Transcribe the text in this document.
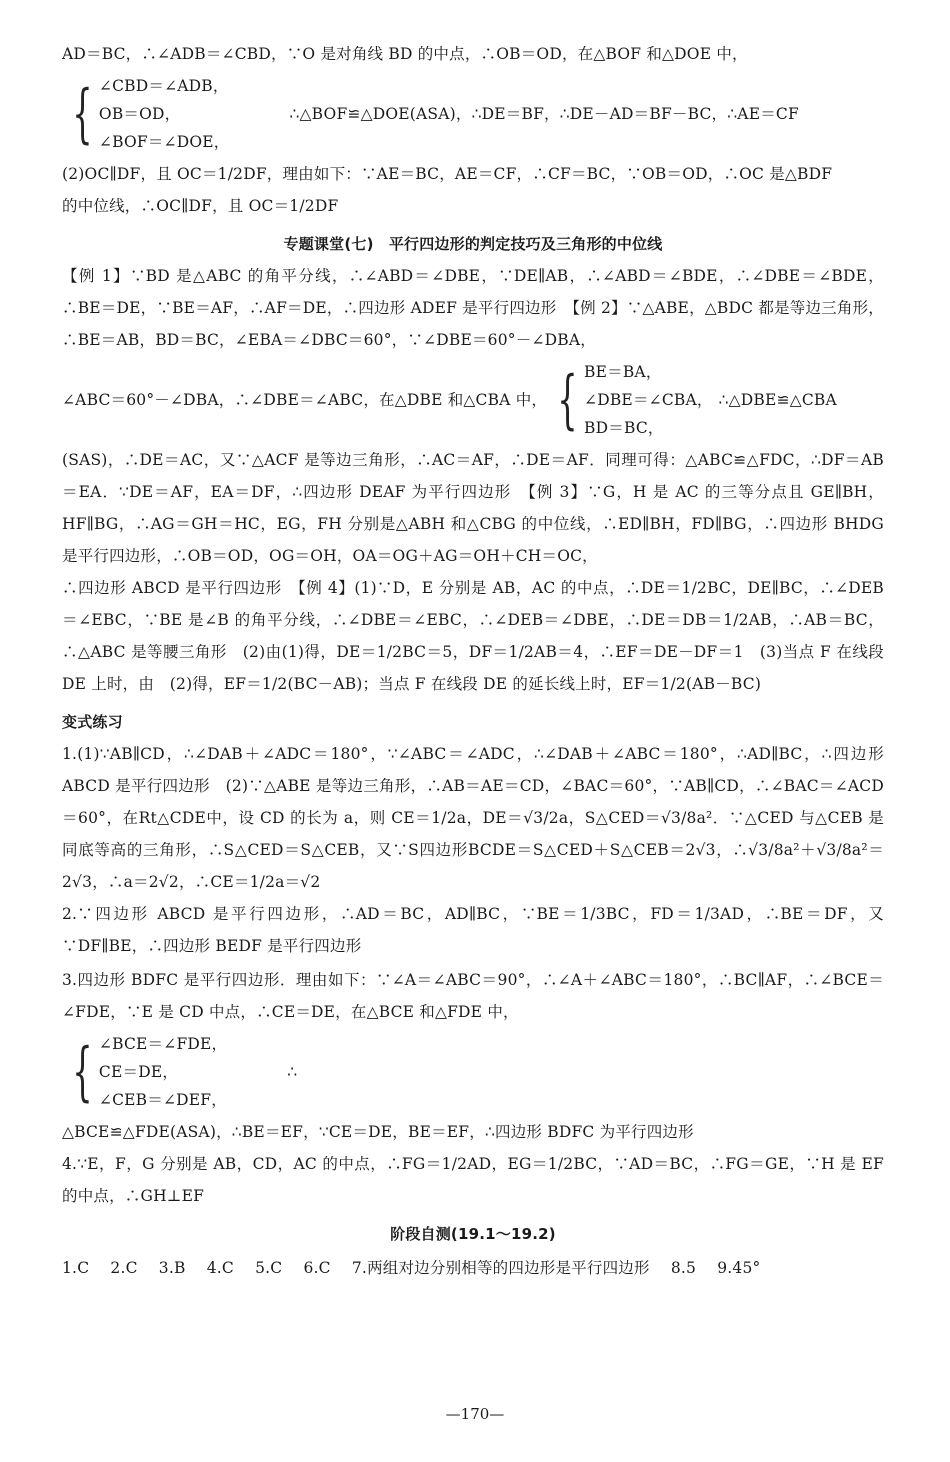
AD＝BC，∴∠ADB＝∠CBD，∵O 是对角线 BD 的中点，∴OB＝OD，在△BOF 和△DOE 中，

{ ∠CBD＝∠ADB，
OB＝OD，
∠BOF＝∠DOE，
∴△BOF≌△DOE(ASA)，∴DE＝BF，∴DE－AD＝BF－BC，∴AE＝CF

(2)OC∥DF，且 OC＝1/2DF，理由如下：∵AE＝BC，AE＝CF，∴CF＝BC，∵OB＝OD，∴OC 是△BDF

的中位线，∴OC∥DF，且 OC＝1/2DF

专题课堂(七)　平行四边形的判定技巧及三角形的中位线

【例 1】∵BD 是△ABC 的角平分线，∴∠ABD＝∠DBE，∵DE∥AB，∴∠ABD＝∠BDE，∴∠DBE＝∠BDE，∴BE＝DE，∵BE＝AF，∴AF＝DE，∴四边形 ADEF 是平行四边形　【例 2】∵△ABE，△BDC 都是等边三角形，∴BE＝AB，BD＝BC，∠EBA＝∠DBC＝60°，∵∠DBE＝60°－∠DBA，

∠ABC＝60°－∠DBA，∴∠DBE＝∠ABC，在△DBE 和△CBA 中， { BE＝BA，
∠DBE＝∠CBA，
BD＝BC，
∴△DBE≌△CBA

(SAS)，∴DE＝AC，又∵△ACF 是等边三角形，∴AC＝AF，∴DE＝AF．同理可得：△ABC≌△FDC，∴DF＝AB＝EA．∵DE＝AF，EA＝DF，∴四边形 DEAF 为平行四边形　【例 3】∵G，H 是 AC 的三等分点且 GE∥BH，HF∥BG，∴AG＝GH＝HC，EG，FH 分别是△ABH 和△CBG 的中位线，∴ED∥BH，FD∥BG，∴四边形 BHDG 是平行四边形，∴OB＝OD，OG＝OH，OA＝OG＋AG＝OH＋CH＝OC，

∴四边形 ABCD 是平行四边形　【例 4】(1)∵D，E 分别是 AB，AC 的中点，∴DE＝1/2BC，DE∥BC，∴∠DEB＝∠EBC，∵BE 是∠B 的角平分线，∴∠DBE＝∠EBC，∴∠DEB＝∠DBE，∴DE＝DB＝1/2AB，∴AB＝BC，∴△ABC 是等腰三角形　(2)由(1)得，DE＝1/2BC＝5，DF＝1/2AB＝4，∴EF＝DE－DF＝1　(3)当点 F 在线段 DE 上时，由　(2)得，EF＝1/2(BC－AB)；当点 F 在线段 DE 的延长线上时，EF＝1/2(AB－BC)

变式练习

1.(1)∵AB∥CD，∴∠DAB＋∠ADC＝180°，∵∠ABC＝∠ADC，∴∠DAB＋∠ABC＝180°，∴AD∥BC，∴四边形 ABCD 是平行四边形　(2)∵△ABE 是等边三角形，∴AB＝AE＝CD，∠BAC＝60°，∵AB∥CD，∴∠BAC＝∠ACD＝60°，在Rt△CDE中，设 CD 的长为 a，则 CE＝1/2a，DE＝√3/2a，S△CED＝√3/8a²．∵△CED 与△CEB 是同底等高的三角形，∴S△CED＝S△CEB，又∵S四边形BCDE＝S△CED＋S△CEB＝2√3，∴√3/8a²＋√3/8a²＝2√3，∴a＝2√2，∴CE＝1/2a＝√2

2.∵四边形 ABCD 是平行四边形，∴AD＝BC，AD∥BC，∵BE＝1/3BC，FD＝1/3AD，∴BE＝DF，又∵DF∥BE，∴四边形 BEDF 是平行四边形

3.四边形 BDFC 是平行四边形．理由如下：∵∠A＝∠ABC＝90°，∴∠A＋∠ABC＝180°，∴BC∥AF，∴∠BCE＝∠FDE，∵E 是 CD 中点，∴CE＝DE，在△BCE 和△FDE 中，
{ ∠BCE＝∠FDE，
CE＝DE，
∠CEB＝∠DEF，
∴

△BCE≌△FDE(ASA)，∴BE＝EF，∵CE＝DE，BE＝EF，∴四边形 BDFC 为平行四边形

4.∵E，F，G 分别是 AB，CD，AC 的中点，∴FG＝1/2AD，EG＝1/2BC，∵AD＝BC，∴FG＝GE，∵H 是 EF 的中点，∴GH⊥EF

阶段自测(19.1～19.2)

1.C 2.C 3.B 4.C 5.C 6.C 7.两组对边分别相等的四边形是平行四边形 8.5 9.45°

—170—
